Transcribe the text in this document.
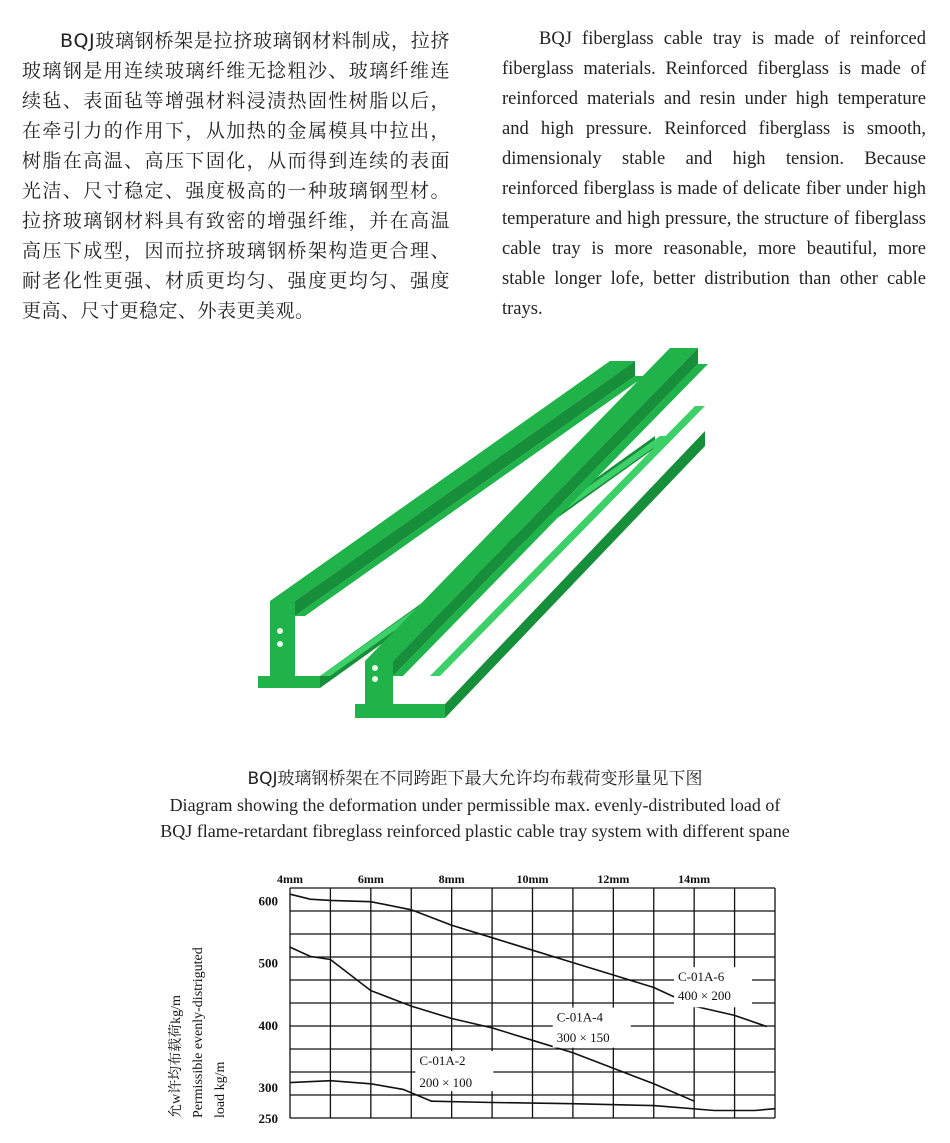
BQJ玻璃钢桥架是拉挤玻璃钢材料制成，拉挤玻璃钢是用连续玻璃纤维无捻粗沙、玻璃纤维连续毡、表面毡等增强材料浸渍热固性树脂以后，在牵引力的作用下，从加热的金属模具中拉出，树脂在高温、高压下固化，从而得到连续的表面光洁、尺寸稳定、强度极高的一种玻璃钢型材。拉挤玻璃钢材料具有致密的增强纤维，并在高温高压下成型，因而拉挤玻璃钢桥架构造更合理、耐老化性更强、材质更均匀、强度更均匀、强度更高、尺寸更稳定、外表更美观。
BQJ fiberglass cable tray is made of reinforced fiberglass materials. Reinforced fiberglass is made of reinforced materials and resin under high temperature and high pressure. Reinforced fiberglass is smooth, dimensionaly stable and high tension. Because reinforced fiberglass is made of delicate fiber under high temperature and high pressure, the structure of fiberglass cable tray is more reasonable, more beautiful, more stable longer lofe, better distribution than other cable trays.
BQJ玻璃钢桥架在不同跨距下最大允许均布载荷变形量见下图
Diagram showing the deformation under permissible max. evenly-distributed load of
BQJ flame-retardant fibreglass reinforced plastic cable tray system with different spane
4mm	6mm	8mm	10mm	12mm	14mm
600
500
400
300
250
允w许均布载荷kg/m Permissible evenly-distriguted load kg/m
C-01A-6
400 × 200
C-01A-4
300 × 150
C-01A-2
200 × 100
